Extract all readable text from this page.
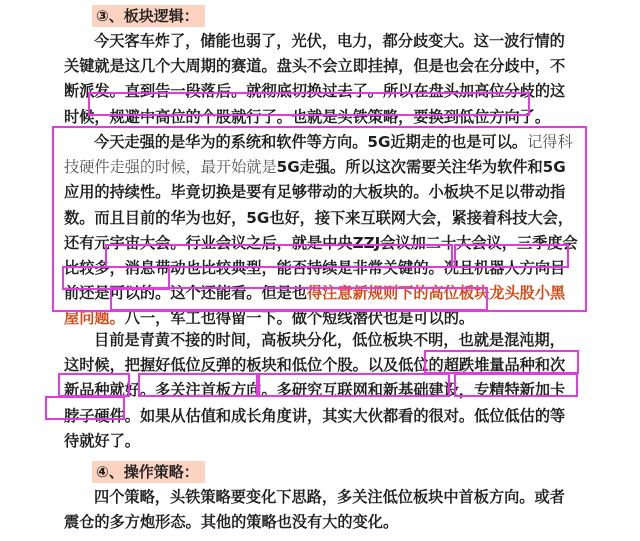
③、板块逻辑：

今天客车炸了，储能也弱了，光伏，电力，都分歧变大。这一波行情的关键就是这几个大周期的赛道。盘头不会立即挂掉，但是也会在分歧中，不断派发。直到告一段落后。就彻底切换过去了。所以在盘头加高位分歧的这时候，规避中高位的个股就行了。也就是头铁策略，要换到低位方向了。

今天走强的是华为的系统和软件等方向。5G近期走的也是可以。记得科技硬件走强的时候，最开始就是5G走强。所以这次需要关注华为软件和5G应用的持续性。毕竟切换是要有足够带动的大板块的。小板块不足以带动指数。而且目前的华为也好，5G也好，接下来互联网大会，紧接着科技大会，还有元宇宙大会。行业会议之后，就是中央ZZJ会议加二十大会议，三季度会比较多，消息带动也比较典型，能否持续是非常关键的。况且机器人方向目前还是可以的。这个还能看。但是也得注意新规则下的高位板块龙头股小黑屋问题。八一，军工也得留一下。做个短线潜伏也是可以的。

目前是青黄不接的时间，高板块分化，低位板块不明，也就是混沌期，这时候，把握好低位反弹的板块和低位个股。以及低位的超跌堆量品种和次新品种就好。多关注首板方向。多研究互联网和新基础建设，专精特新加卡脖子硬件。如果从估值和成长角度讲，其实大伙都看的很对。低位低估的等待就好了。

④、操作策略：

四个策略，头铁策略要变化下思路，多关注低位板块中首板方向。或者震仓的多方炮形态。其他的策略也没有大的变化。
